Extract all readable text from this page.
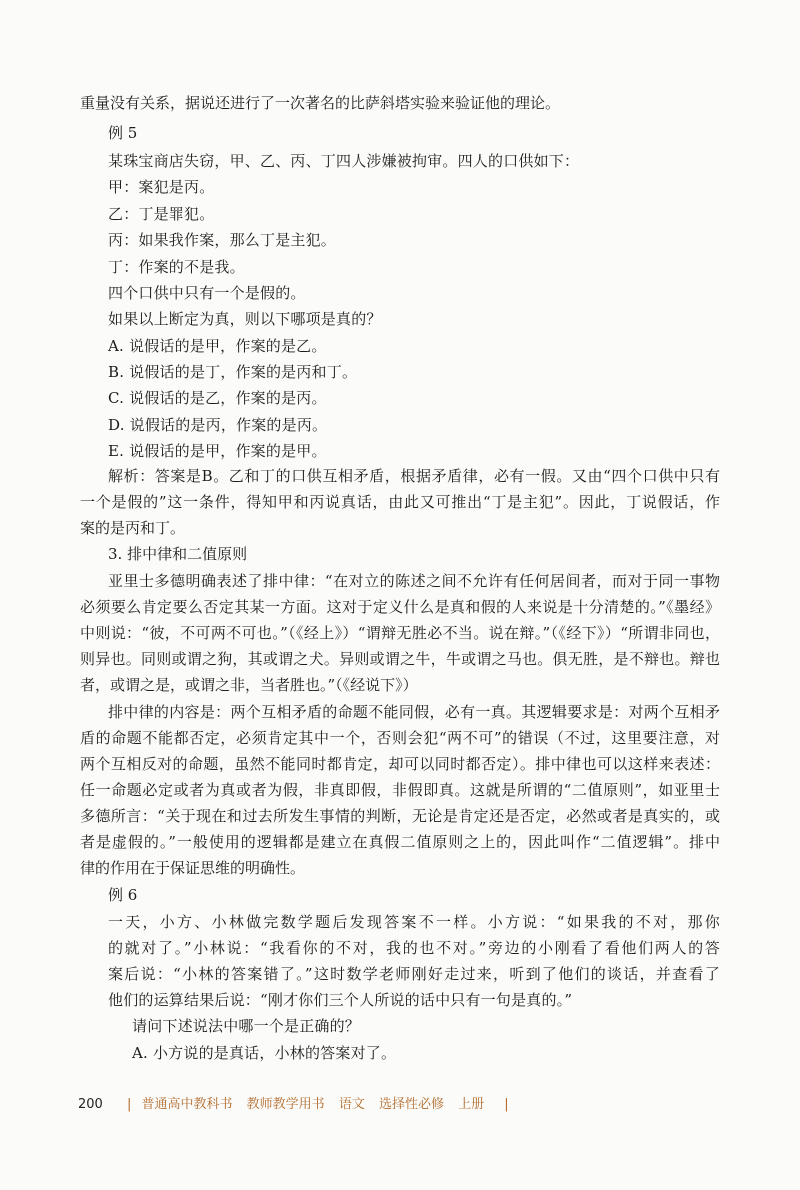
重量没有关系，据说还进行了一次著名的比萨斜塔实验来验证他的理论。
例 5
某珠宝商店失窃，甲、乙、丙、丁四人涉嫌被拘审。四人的口供如下：
甲：案犯是丙。
乙：丁是罪犯。
丙：如果我作案，那么丁是主犯。
丁：作案的不是我。
四个口供中只有一个是假的。
如果以上断定为真，则以下哪项是真的？
A. 说假话的是甲，作案的是乙。
B. 说假话的是丁，作案的是丙和丁。
C. 说假话的是乙，作案的是丙。
D. 说假话的是丙，作案的是丙。
E. 说假话的是甲，作案的是甲。
解析：答案是B。乙和丁的口供互相矛盾，根据矛盾律，必有一假。又由“四个口供中只有
一个是假的”这一条件，得知甲和丙说真话，由此又可推出“丁是主犯”。因此，丁说假话，作
案的是丙和丁。
3. 排中律和二值原则
亚里士多德明确表述了排中律：“在对立的陈述之间不允许有任何居间者，而对于同一事物
必须要么肯定要么否定其某一方面。这对于定义什么是真和假的人来说是十分清楚的。”《墨经》
中则说：“彼，不可两不可也。”（《经上》）“谓辩无胜必不当。说在辩。”（《经下》）“所谓非同也，
则异也。同则或谓之狗，其或谓之犬。异则或谓之牛，牛或谓之马也。俱无胜，是不辩也。辩也
者，或谓之是，或谓之非，当者胜也。”（《经说下》）
排中律的内容是：两个互相矛盾的命题不能同假，必有一真。其逻辑要求是：对两个互相矛
盾的命题不能都否定，必须肯定其中一个，否则会犯“两不可”的错误（不过，这里要注意，对
两个互相反对的命题，虽然不能同时都肯定，却可以同时都否定）。排中律也可以这样来表述：
任一命题必定或者为真或者为假，非真即假，非假即真。这就是所谓的“二值原则”，如亚里士
多德所言：“关于现在和过去所发生事情的判断，无论是肯定还是否定，必然或者是真实的，或
者是虚假的。”一般使用的逻辑都是建立在真假二值原则之上的，因此叫作“二值逻辑”。排中
律的作用在于保证思维的明确性。
例 6
一天，小方、小林做完数学题后发现答案不一样。小方说：“如果我的不对，那你
的就对了。”小林说：“我看你的不对，我的也不对。”旁边的小刚看了看他们两人的答
案后说：“小林的答案错了。”这时数学老师刚好走过来，听到了他们的谈话，并查看了
他们的运算结果后说：“刚才你们三个人所说的话中只有一句是真的。”
请问下述说法中哪一个是正确的？
A. 小方说的是真话，小林的答案对了。
200 | 普通高中教科书 教师教学用书 语文 选择性必修 上册 |
